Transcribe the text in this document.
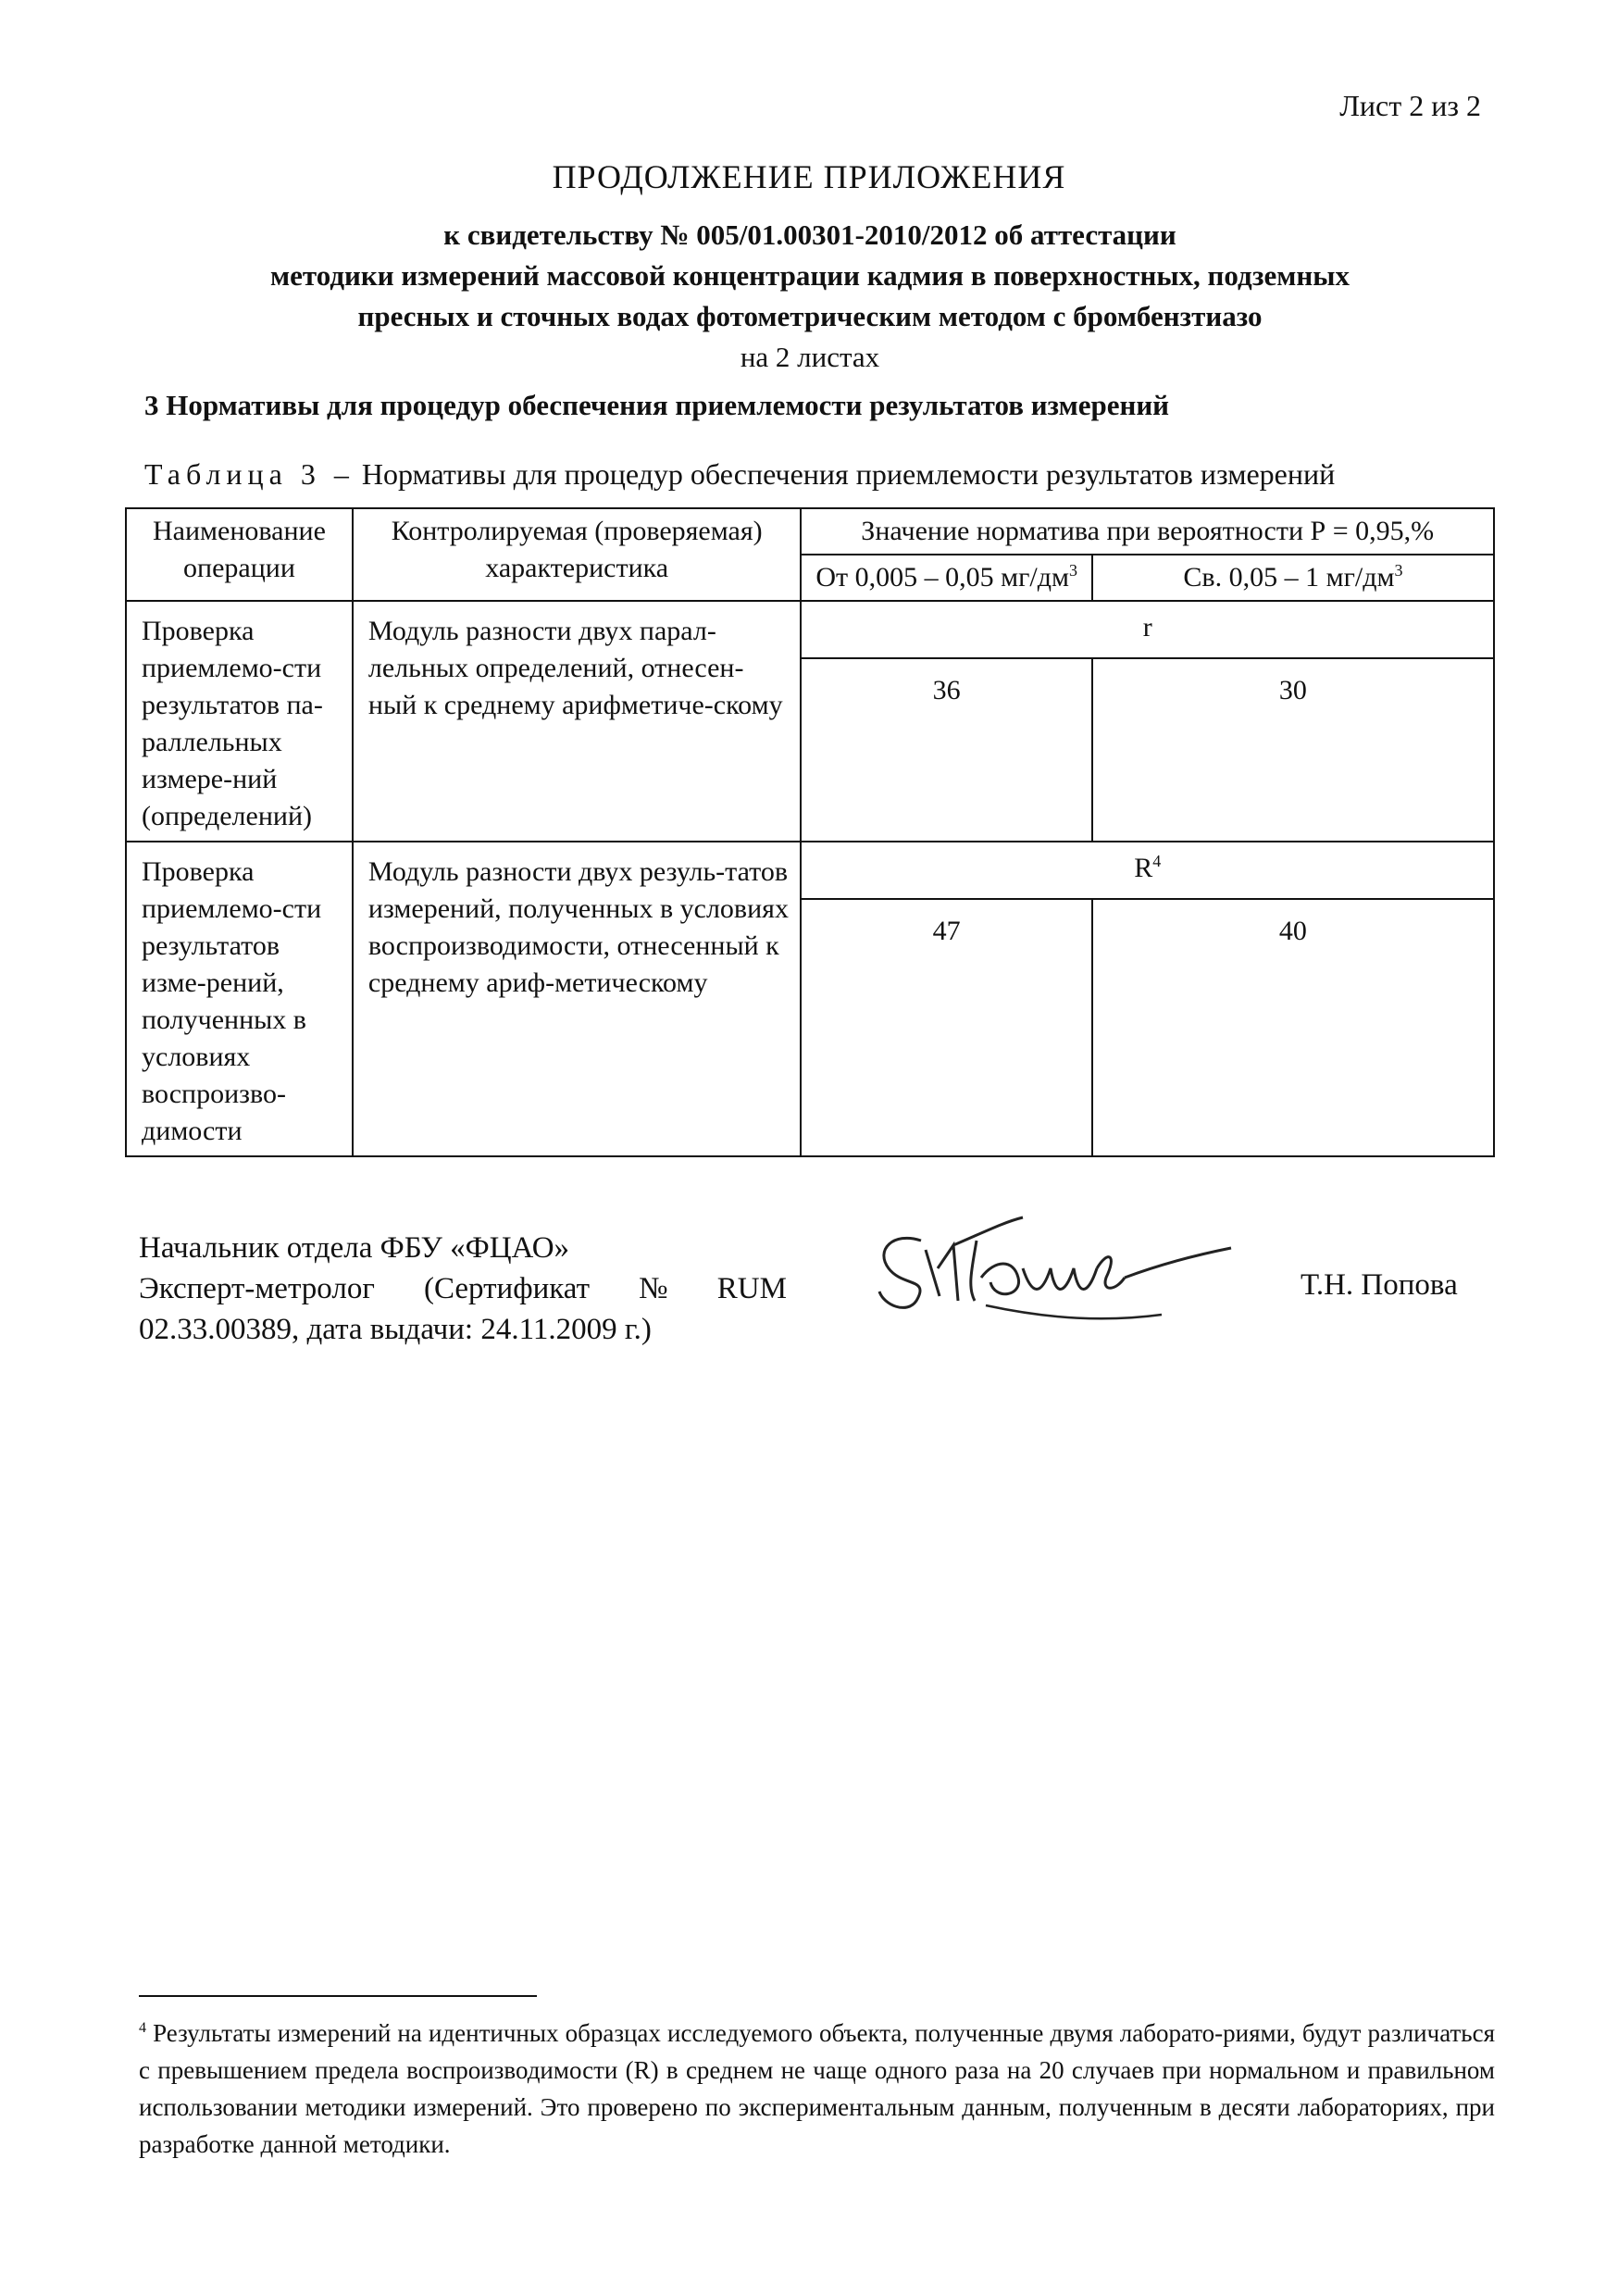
Лист 2 из 2
ПРОДОЛЖЕНИЕ ПРИЛОЖЕНИЯ
к свидетельству № 005/01.00301-2010/2012 об аттестации
методики измерений массовой концентрации кадмия в поверхностных, подземных
пресных и сточных водах фотометрическим методом с бромбензтиазо
на 2 листах
3 Нормативы для процедур обеспечения приемлемости результатов измерений
Таблица 3 – Нормативы для процедур обеспечения приемлемости результатов измерений
Наименование операции	Контролируемая (проверяемая) характеристика	Значение норматива при вероятности Р = 0,95,%	
		От 0,005 – 0,05 $мг/дм^3$	Св. 0,05 – 1 $мг/дм^3$
Проверка приемлемо-сти результатов па-раллельных измере-ний (определений)	Модуль разности двух парал-лельных определений, отнесен-ный к среднему арифметиче-скому	r	
		36	30
Проверка приемлемо-сти результатов изме-рений, полученных в условиях воспроизво-димости	Модуль разности двух резуль-татов измерений, полученных в условиях воспроизводимости, отнесенный к среднему ариф-метическому	$R^4$
		47	40
Начальник отдела ФБУ «ФЦАО»
Эксперт-метролог (Сертификат № RUM
02.33.00389, дата выдачи: 24.11.2009 г.)
Т.Н. Попова
$^4$ Результаты измерений на идентичных образцах исследуемого объекта, полученные двумя лаборато-риями, будут различаться с превышением предела воспроизводимости (R) в среднем не чаще одного раза на 20 случаев при нормальном и правильном использовании методики измерений. Это проверено по экспериментальным данным, полученным в десяти лабораториях, при разработке данной методики.
